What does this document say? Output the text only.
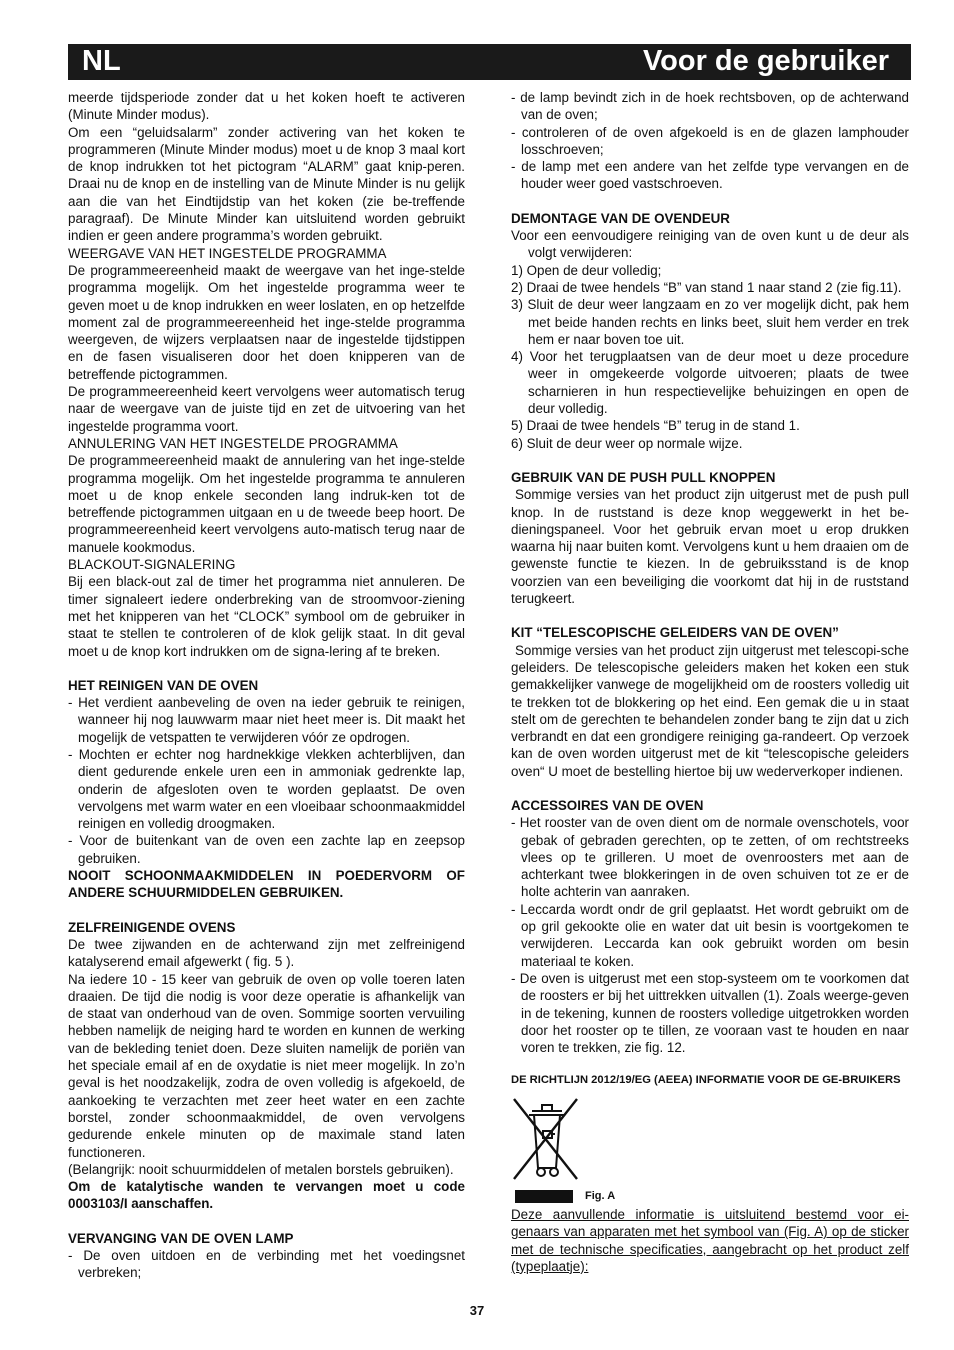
NL	Voor de gebruiker

meerde tijdsperiode zonder dat u het koken hoeft te activeren (Minute Minder modus).

Om een “geluidsalarm” zonder activering van het koken te programmeren (Minute Minder modus) moet u de knop 3 maal kort de knop indrukken tot het pictogram “ALARM” gaat knip-peren. Draai nu de knop en de instelling van de Minute Minder is nu gelijk aan die van het Eindtijdstip van het koken (zie be-treffende paragraaf). De Minute Minder kan uitsluitend worden gebruikt indien er geen andere programma’s worden gebruikt.

WEERGAVE VAN HET INGESTELDE PROGRAMMA

De programmeereenheid maakt de weergave van het inge-stelde programma mogelijk. Om het ingestelde programma weer te geven moet u de knop indrukken en weer loslaten, en op hetzelfde moment zal de programmeereenheid het inge-stelde programma weergeven, de wijzers verplaatsen naar de ingestelde tijdstippen en de fasen visualiseren door het doen knipperen van de betreffende pictogrammen.

De programmeereenheid keert vervolgens weer automatisch terug naar de weergave van de juiste tijd en zet de uitvoering van het ingestelde programma voort.

ANNULERING VAN HET INGESTELDE PROGRAMMA

De programmeereenheid maakt de annulering van het inge-stelde programma mogelijk. Om het ingestelde programma te annuleren moet u de knop enkele seconden lang indruk-ken tot de betreffende pictogrammen uitgaan en u de tweede beep hoort. De programmeereenheid keert vervolgens auto-matisch terug naar de manuele kookmodus.

BLACKOUT-SIGNALERING

Bij een black-out zal de timer het programma niet annuleren. De timer signaleert iedere onderbreking van de stroomvoor-ziening met het knipperen van het “CLOCK” symbool om de gebruiker in staat te stellen te controleren of de klok gelijk staat. In dit geval moet u de knop kort indrukken om de signa-lering af te breken.

HET REINIGEN VAN DE OVEN

- Het verdient aanbeveling de oven na ieder gebruik te reinigen, wanneer hij nog lauwwarm maar niet heet meer is. Dit maakt het mogelijk de vetspatten te verwijderen vóór ze opdrogen.

- Mochten er echter nog hardnekkige vlekken achterblijven, dan dient gedurende enkele uren een in ammoniak gedrenkte lap, onderin de afgesloten oven te worden geplaatst. De oven vervolgens met warm water en een vloeibaar schoonmaakmiddel reinigen en volledig droogmaken.

- Voor de buitenkant van de oven een zachte lap en zeepsop gebruiken.

NOOIT SCHOONMAAKMIDDELEN IN POEDERVORM OF ANDERE SCHUURMIDDELEN GEBRUIKEN.

ZELFREINIGENDE OVENS

De twee zijwanden en de achterwand zijn met zelfreinigend katalyserend email afgewerkt ( fig. 5 ).

Na iedere 10 - 15 keer van gebruik de oven op volle toeren laten draaien. De tijd die nodig is voor deze operatie is afhankelijk van de staat van onderhoud van de oven. Sommige soorten vervuiling hebben namelijk de neiging hard te worden en kunnen de werking van de bekleding teniet doen. Deze sluiten namelijk de poriën van het speciale email af en de oxydatie is niet meer mogelijk. In zo’n geval is het noodzakelijk, zodra de oven volledig is afgekoeld, de aankoeking te verzachten met zeer heet water en een zachte borstel, zonder schoonmaakmiddel, de oven vervolgens gedurende enkele minuten op de maximale stand laten functioneren.

(Belangrijk: nooit schuurmiddelen of metalen borstels gebruiken).

Om de katalytische wanden te vervangen moet u code 0003103/I aanschaffen.

VERVANGING VAN DE OVEN LAMP

- De oven uitdoen en de verbinding met het voedingsnet verbreken;

- de lamp bevindt zich in de hoek rechtsboven, op de achterwand van de oven;

- controleren of de oven afgekoeld is en de glazen lamphouder losschroeven;

- de lamp met een andere van het zelfde type vervangen en de houder weer goed vastschroeven.

DEMONTAGE VAN DE OVENDEUR

Voor een eenvoudigere reiniging van de oven kunt u de deur als volgt verwijderen:

1) Open de deur volledig;

2) Draai de twee hendels “B” van stand 1 naar stand 2 (zie fig.11).

3) Sluit de deur weer langzaam en zo ver mogelijk dicht, pak hem met beide handen rechts en links beet, sluit hem verder en trek hem er naar boven toe uit.

4) Voor het terugplaatsen van de deur moet u deze procedure weer in omgekeerde volgorde uitvoeren; plaats de twee scharnieren in hun respectievelijke behuizingen en open de deur volledig.

5) Draai de twee hendels “B” terug in de stand 1.

6) Sluit de deur weer op normale wijze.

GEBRUIK VAN DE PUSH PULL KNOPPEN

Sommige versies van het product zijn uitgerust met de push pull knop. In de ruststand is deze knop weggewerkt in het be-dieningspaneel. Voor het gebruik ervan moet u erop drukken waarna hij naar buiten komt. Vervolgens kunt u hem draaien om de gewenste functie te kiezen. In de gebruiksstand is de knop voorzien van een beveiliging die voorkomt dat hij in de ruststand terugkeert.

KIT “TELESCOPISCHE GELEIDERS VAN DE OVEN”

Sommige versies van het product zijn uitgerust met telescopi-sche geleiders. De telescopische geleiders maken het koken een stuk gemakkelijker vanwege de mogelijkheid om de roosters volledig uit te trekken tot de blokkering op het eind. Een gemak die u in staat stelt om de gerechten te behandelen zonder bang te zijn dat u zich verbrandt en dat een grondigere reiniging ga-randeert. Op verzoek kan de oven worden uitgerust met de kit “telescopische geleiders oven“ U moet de bestelling hiertoe bij uw wederverkoper indienen.

ACCESSOIRES VAN DE OVEN

- Het rooster van de oven dient om de normale ovenschotels, voor gebak of gebraden gerechten, op te zetten, of om rechtstreeks vlees op te grilleren. U moet de ovenroosters met aan de achterkant twee blokkeringen in de oven schuiven tot ze er de holte achterin van aanraken.

- Leccarda wordt ondr de gril geplaatst. Het wordt gebruikt om de op gril gekookte olie en water dat uit besin is voortgekomen te verwijderen. Leccarda kan ook gebruikt worden om besin materiaal te koken.

- De oven is uitgerust met een stop-systeem om te voorkomen dat de roosters er bij het uittrekken uitvallen (1). Zoals weerge-geven in de tekening, kunnen de roosters volledige uitgetrokken worden door het rooster op te tillen, ze vooraan vast te houden en naar voren te trekken, zie fig. 12.

DE RICHTLIJN 2012/19/EG (AEEA) INFORMATIE VOOR DE GE-BRUIKERS

Fig. A

Deze aanvullende informatie is uitsluitend bestemd voor ei-genaars van apparaten met het symbool van (Fig. A) op de sticker met de technische specificaties, aangebracht op het product zelf (typeplaatje):

37
